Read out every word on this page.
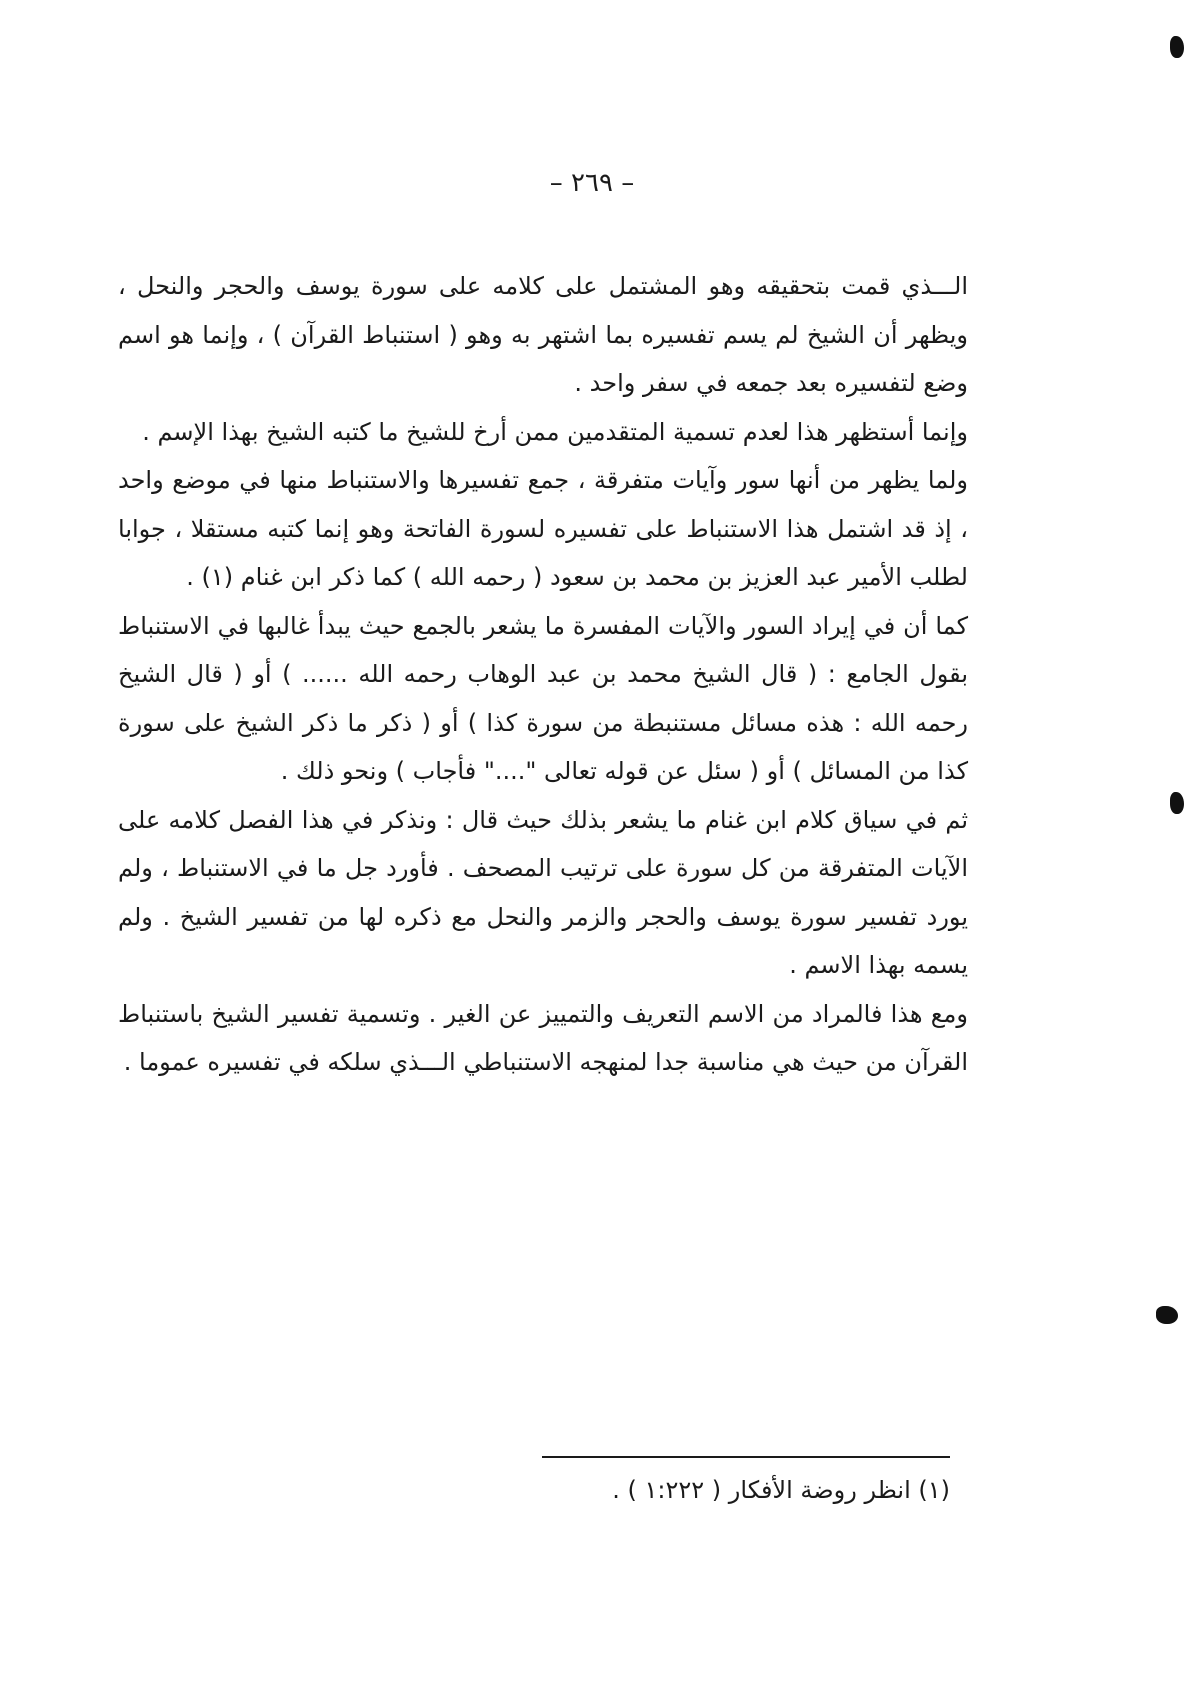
– ٢٦٩ –

الـــذي قمت بتحقيقه وهو المشتمل على كلامه على سورة يوسف والحجر والنحل ، ويظهر أن الشيخ لم يسم تفسيره بما اشتهر به وهو ( استنباط القرآن ) ، وإنما هو اسم وضع لتفسيره بعد جمعه في سفر واحد .

وإنما أستظهر هذا لعدم تسمية المتقدمين ممن أرخ للشيخ ما كتبه الشيخ بهذا الإسم .

ولما يظهر من أنها سور وآيات متفرقة ، جمع تفسيرها والاستنباط منها في موضع واحد ، إذ قد اشتمل هذا الاستنباط على تفسيره لسورة الفاتحة وهو إنما كتبه مستقلا ، جوابا لطلب الأمير عبد العزيز بن محمد بن سعود ( رحمه الله ) كما ذكر ابن غنام (١) .

كما أن في إيراد السور والآيات المفسرة ما يشعر بالجمع حيث يبدأ غالبها في الاستنباط بقول الجامع : ( قال الشيخ محمد بن عبد الوهاب رحمه الله ...... ) أو ( قال الشيخ رحمه الله : هذه مسائل مستنبطة من سورة كذا ) أو ( ذكر ما ذكر الشيخ على سورة كذا من المسائل ) أو ( سئل عن قوله تعالى "...." فأجاب ) ونحو ذلك .

ثم في سياق كلام ابن غنام ما يشعر بذلك حيث قال : ونذكر في هذا الفصل كلامه على الآيات المتفرقة من كل سورة على ترتيب المصحف . فأورد جل ما في الاستنباط ، ولم يورد تفسير سورة يوسف والحجر والزمر والنحل مع ذكره لها من تفسير الشيخ . ولم يسمه بهذا الاسم .

ومع هذا فالمراد من الاسم التعريف والتمييز عن الغير . وتسمية تفسير الشيخ باستنباط القرآن من حيث هي مناسبة جدا لمنهجه الاستنباطي الـــذي سلكه في تفسيره عموما .

(١) انظر روضة الأفكار ( ١:٢٢٢ ) .
